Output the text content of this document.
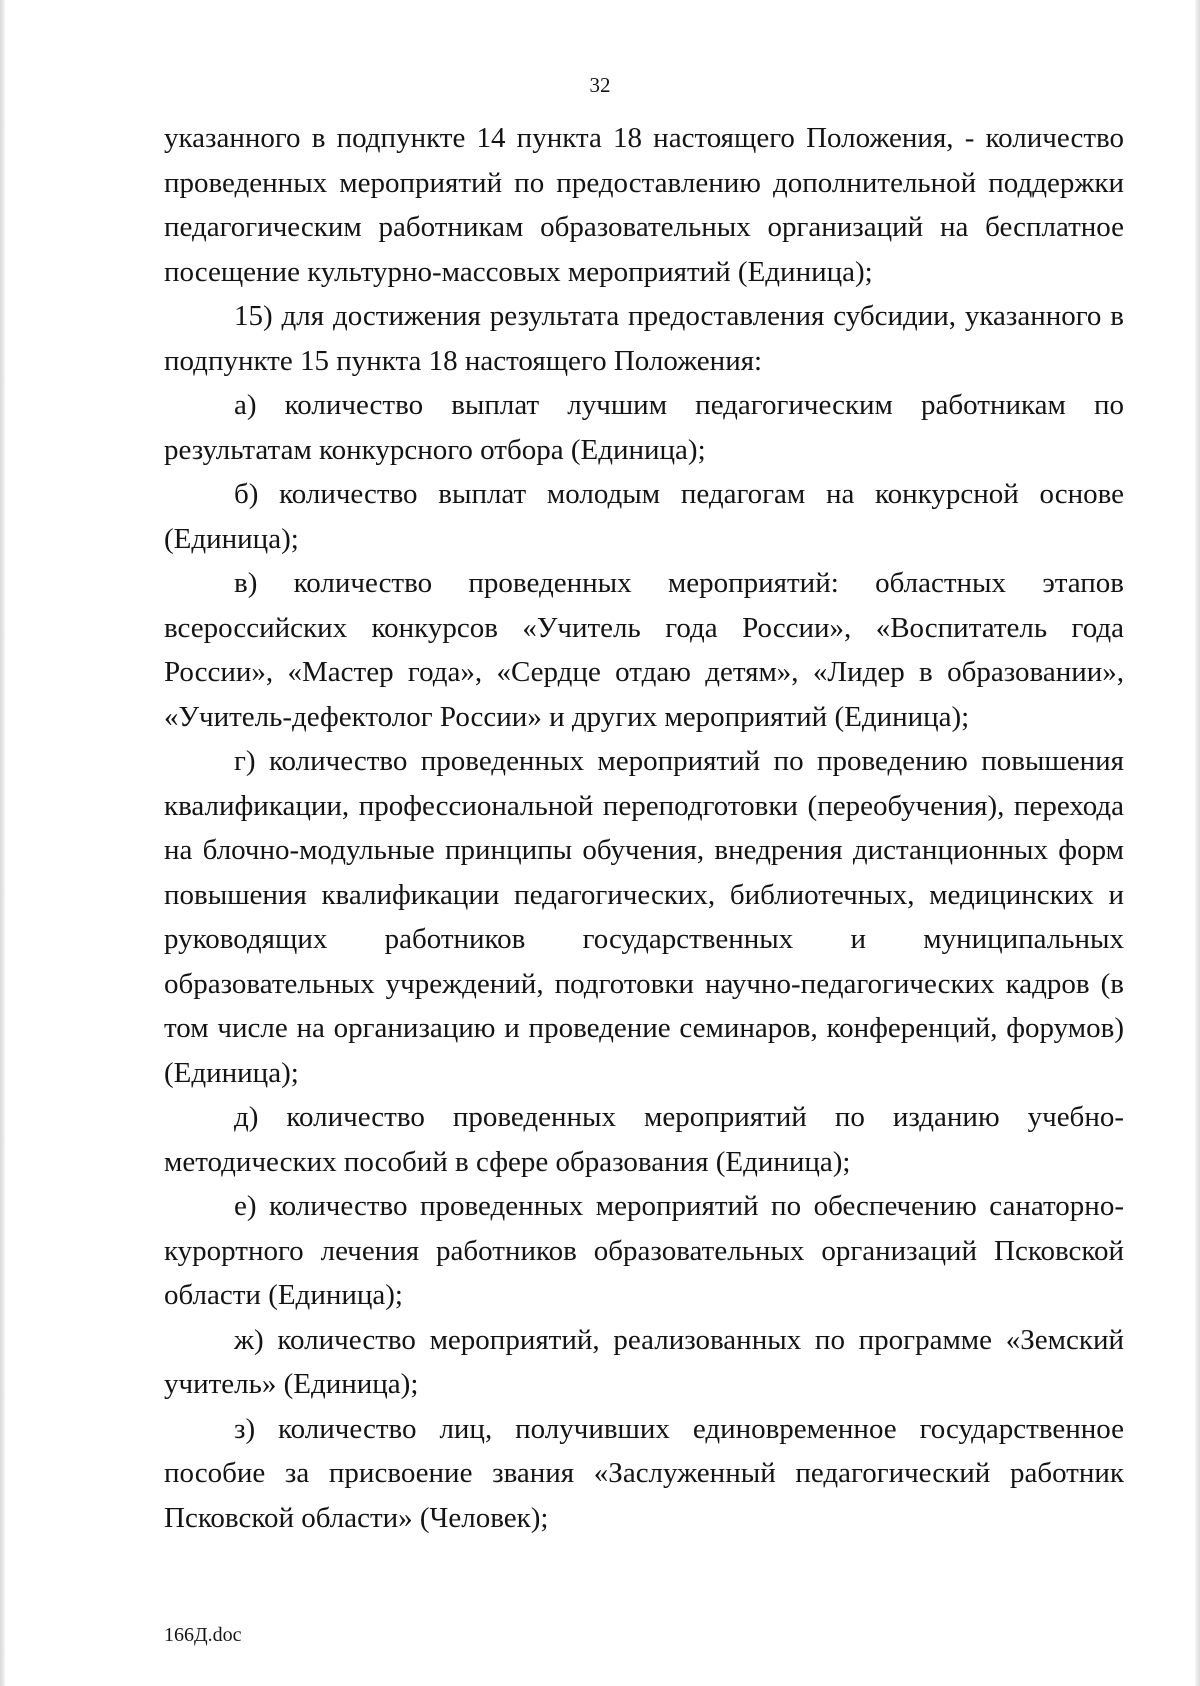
32

указанного в подпункте 14 пункта 18 настоящего Положения, - количество проведенных мероприятий по предоставлению дополнительной поддержки педагогическим работникам образовательных организаций на бесплатное посещение культурно-массовых мероприятий (Единица);

15) для достижения результата предоставления субсидии, указанного в подпункте 15 пункта 18 настоящего Положения:

а) количество выплат лучшим педагогическим работникам по результатам конкурсного отбора (Единица);

б) количество выплат молодым педагогам на конкурсной основе (Единица);

в) количество проведенных мероприятий: областных этапов всероссийских конкурсов «Учитель года России», «Воспитатель года России», «Мастер года», «Сердце отдаю детям», «Лидер в образовании», «Учитель-дефектолог России» и других мероприятий (Единица);

г) количество проведенных мероприятий по проведению повышения квалификации, профессиональной переподготовки (переобучения), перехода на блочно-модульные принципы обучения, внедрения дистанционных форм повышения квалификации педагогических, библиотечных, медицинских и руководящих работников государственных и муниципальных образовательных учреждений, подготовки научно-педагогических кадров (в том числе на организацию и проведение семинаров, конференций, форумов) (Единица);

д) количество проведенных мероприятий по изданию учебно-методических пособий в сфере образования (Единица);

е) количество проведенных мероприятий по обеспечению санаторно-курортного лечения работников образовательных организаций Псковской области (Единица);

ж) количество мероприятий, реализованных по программе «Земский учитель» (Единица);

з) количество лиц, получивших единовременное государственное пособие за присвоение звания «Заслуженный педагогический работник Псковской области» (Человек);

166Д.doc
